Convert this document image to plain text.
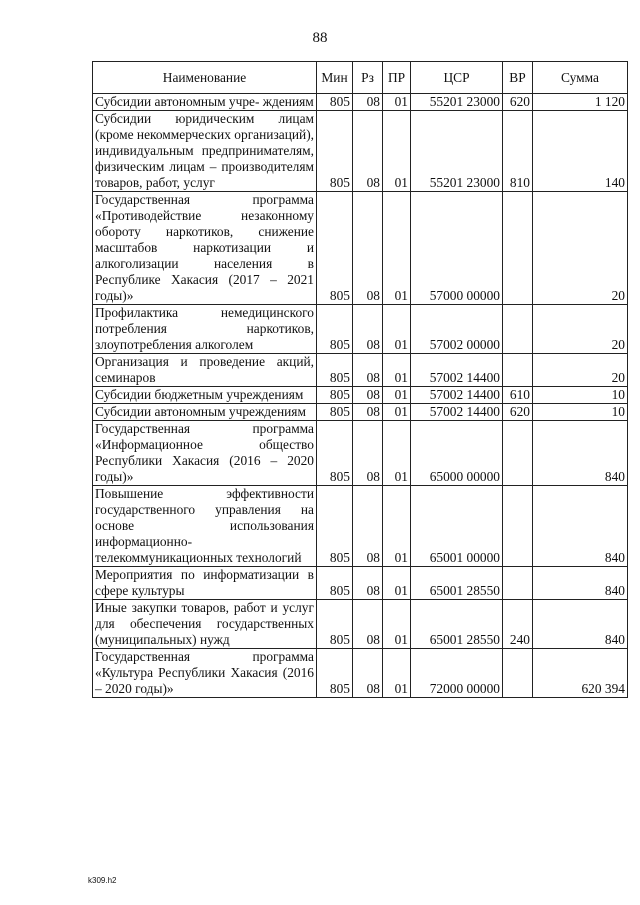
88
Наименование	Мин	Рз	ПР	ЦСР	ВР	Сумма
Субсидии автономным учре- ждениям	805	08	01	55201 23000	620	1 120
Субсидии юридическим лицам (кроме некоммерческих организаций), индивидуальным предпринимателям, физическим лицам – производителям товаров, работ, услуг	805	08	01	55201 23000	810	140
Государственная программа «Противодействие незаконному обороту наркотиков, снижение масштабов наркотизации и алкоголизации населения в Республике Хакасия (2017 – 2021 годы)»	805	08	01	57000 00000		20
Профилактика немедицинского потребления наркотиков, злоупотребления алкоголем	805	08	01	57002 00000		20
Организация и проведение акций, семинаров	805	08	01	57002 14400		20
Субсидии бюджетным учреждениям	805	08	01	57002 14400	610	10
Субсидии автономным учреждениям	805	08	01	57002 14400	620	10
Государственная программа «Информационное общество Республики Хакасия (2016 – 2020 годы)»	805	08	01	65000 00000		840
Повышение эффективности государственного управления на основе использования информационно-телекоммуникационных технологий	805	08	01	65001 00000		840
Мероприятия по информатизации в сфере культуры	805	08	01	65001 28550		840
Иные закупки товаров, работ и услуг для обеспечения государственных (муниципальных) нужд	805	08	01	65001 28550	240	840
Государственная программа «Культура Республики Хакасия (2016 – 2020 годы)»	805	08	01	72000 00000		620 394
k309.h2
